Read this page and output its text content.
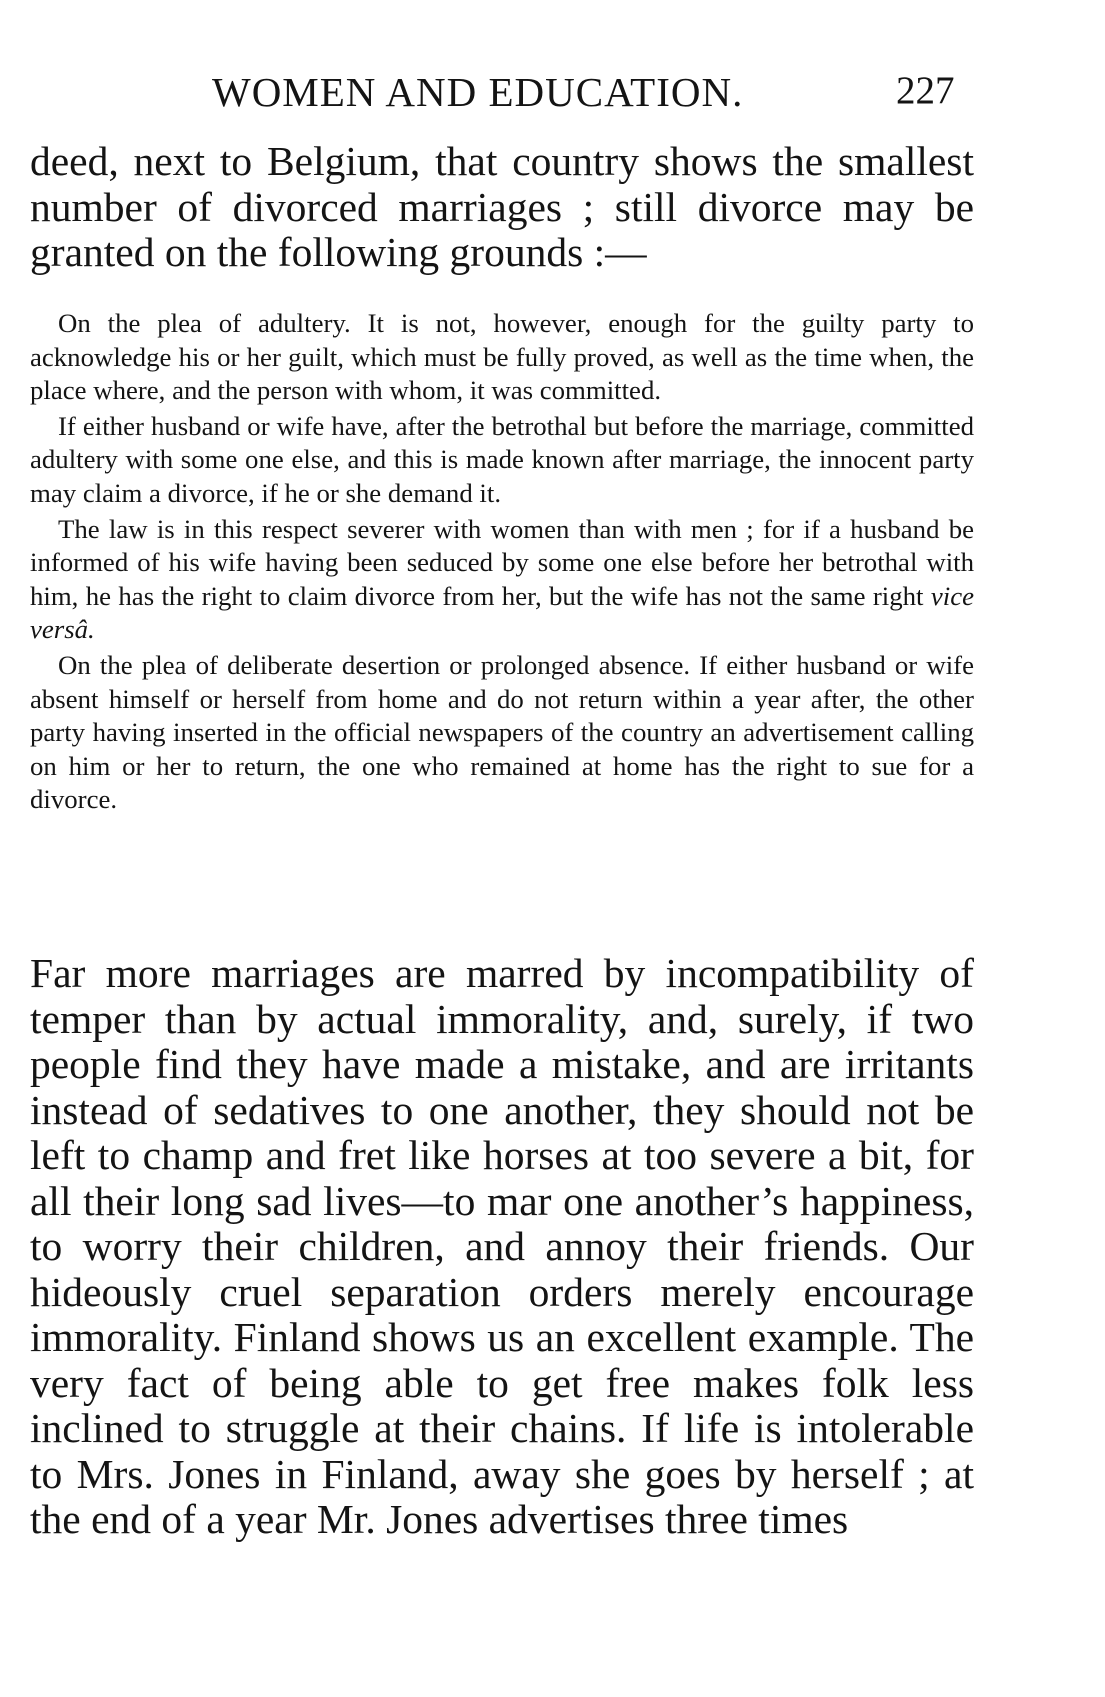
WOMEN AND EDUCATION.	227

deed, next to Belgium, that country shows the smallest number of divorced marriages ; still divorce may be granted on the following grounds :—

On the plea of adultery. It is not, however, enough for the guilty party to acknowledge his or her guilt, which must be fully proved, as well as the time when, the place where, and the person with whom, it was committed.

If either husband or wife have, after the betrothal but before the marriage, committed adultery with some one else, and this is made known after marriage, the innocent party may claim a divorce, if he or she demand it.

The law is in this respect severer with women than with men ; for if a husband be informed of his wife having been seduced by some one else before her betrothal with him, he has the right to claim divorce from her, but the wife has not the same right vice versâ.

On the plea of deliberate desertion or prolonged absence. If either husband or wife absent himself or herself from home and do not return within a year after, the other party having inserted in the official newspapers of the country an advertisement calling on him or her to return, the one who remained at home has the right to sue for a divorce.

Far more marriages are marred by incompatibility of temper than by actual immorality, and, surely, if two people find they have made a mistake, and are irritants instead of sedatives to one another, they should not be left to champ and fret like horses at too severe a bit, for all their long sad lives—to mar one another’s happiness, to worry their children, and annoy their friends. Our hideously cruel separation orders merely encourage immorality. Finland shows us an excellent example. The very fact of being able to get free makes folk less inclined to struggle at their chains. If life is intolerable to Mrs. Jones in Finland, away she goes by herself ; at the end of a year Mr. Jones advertises three times
